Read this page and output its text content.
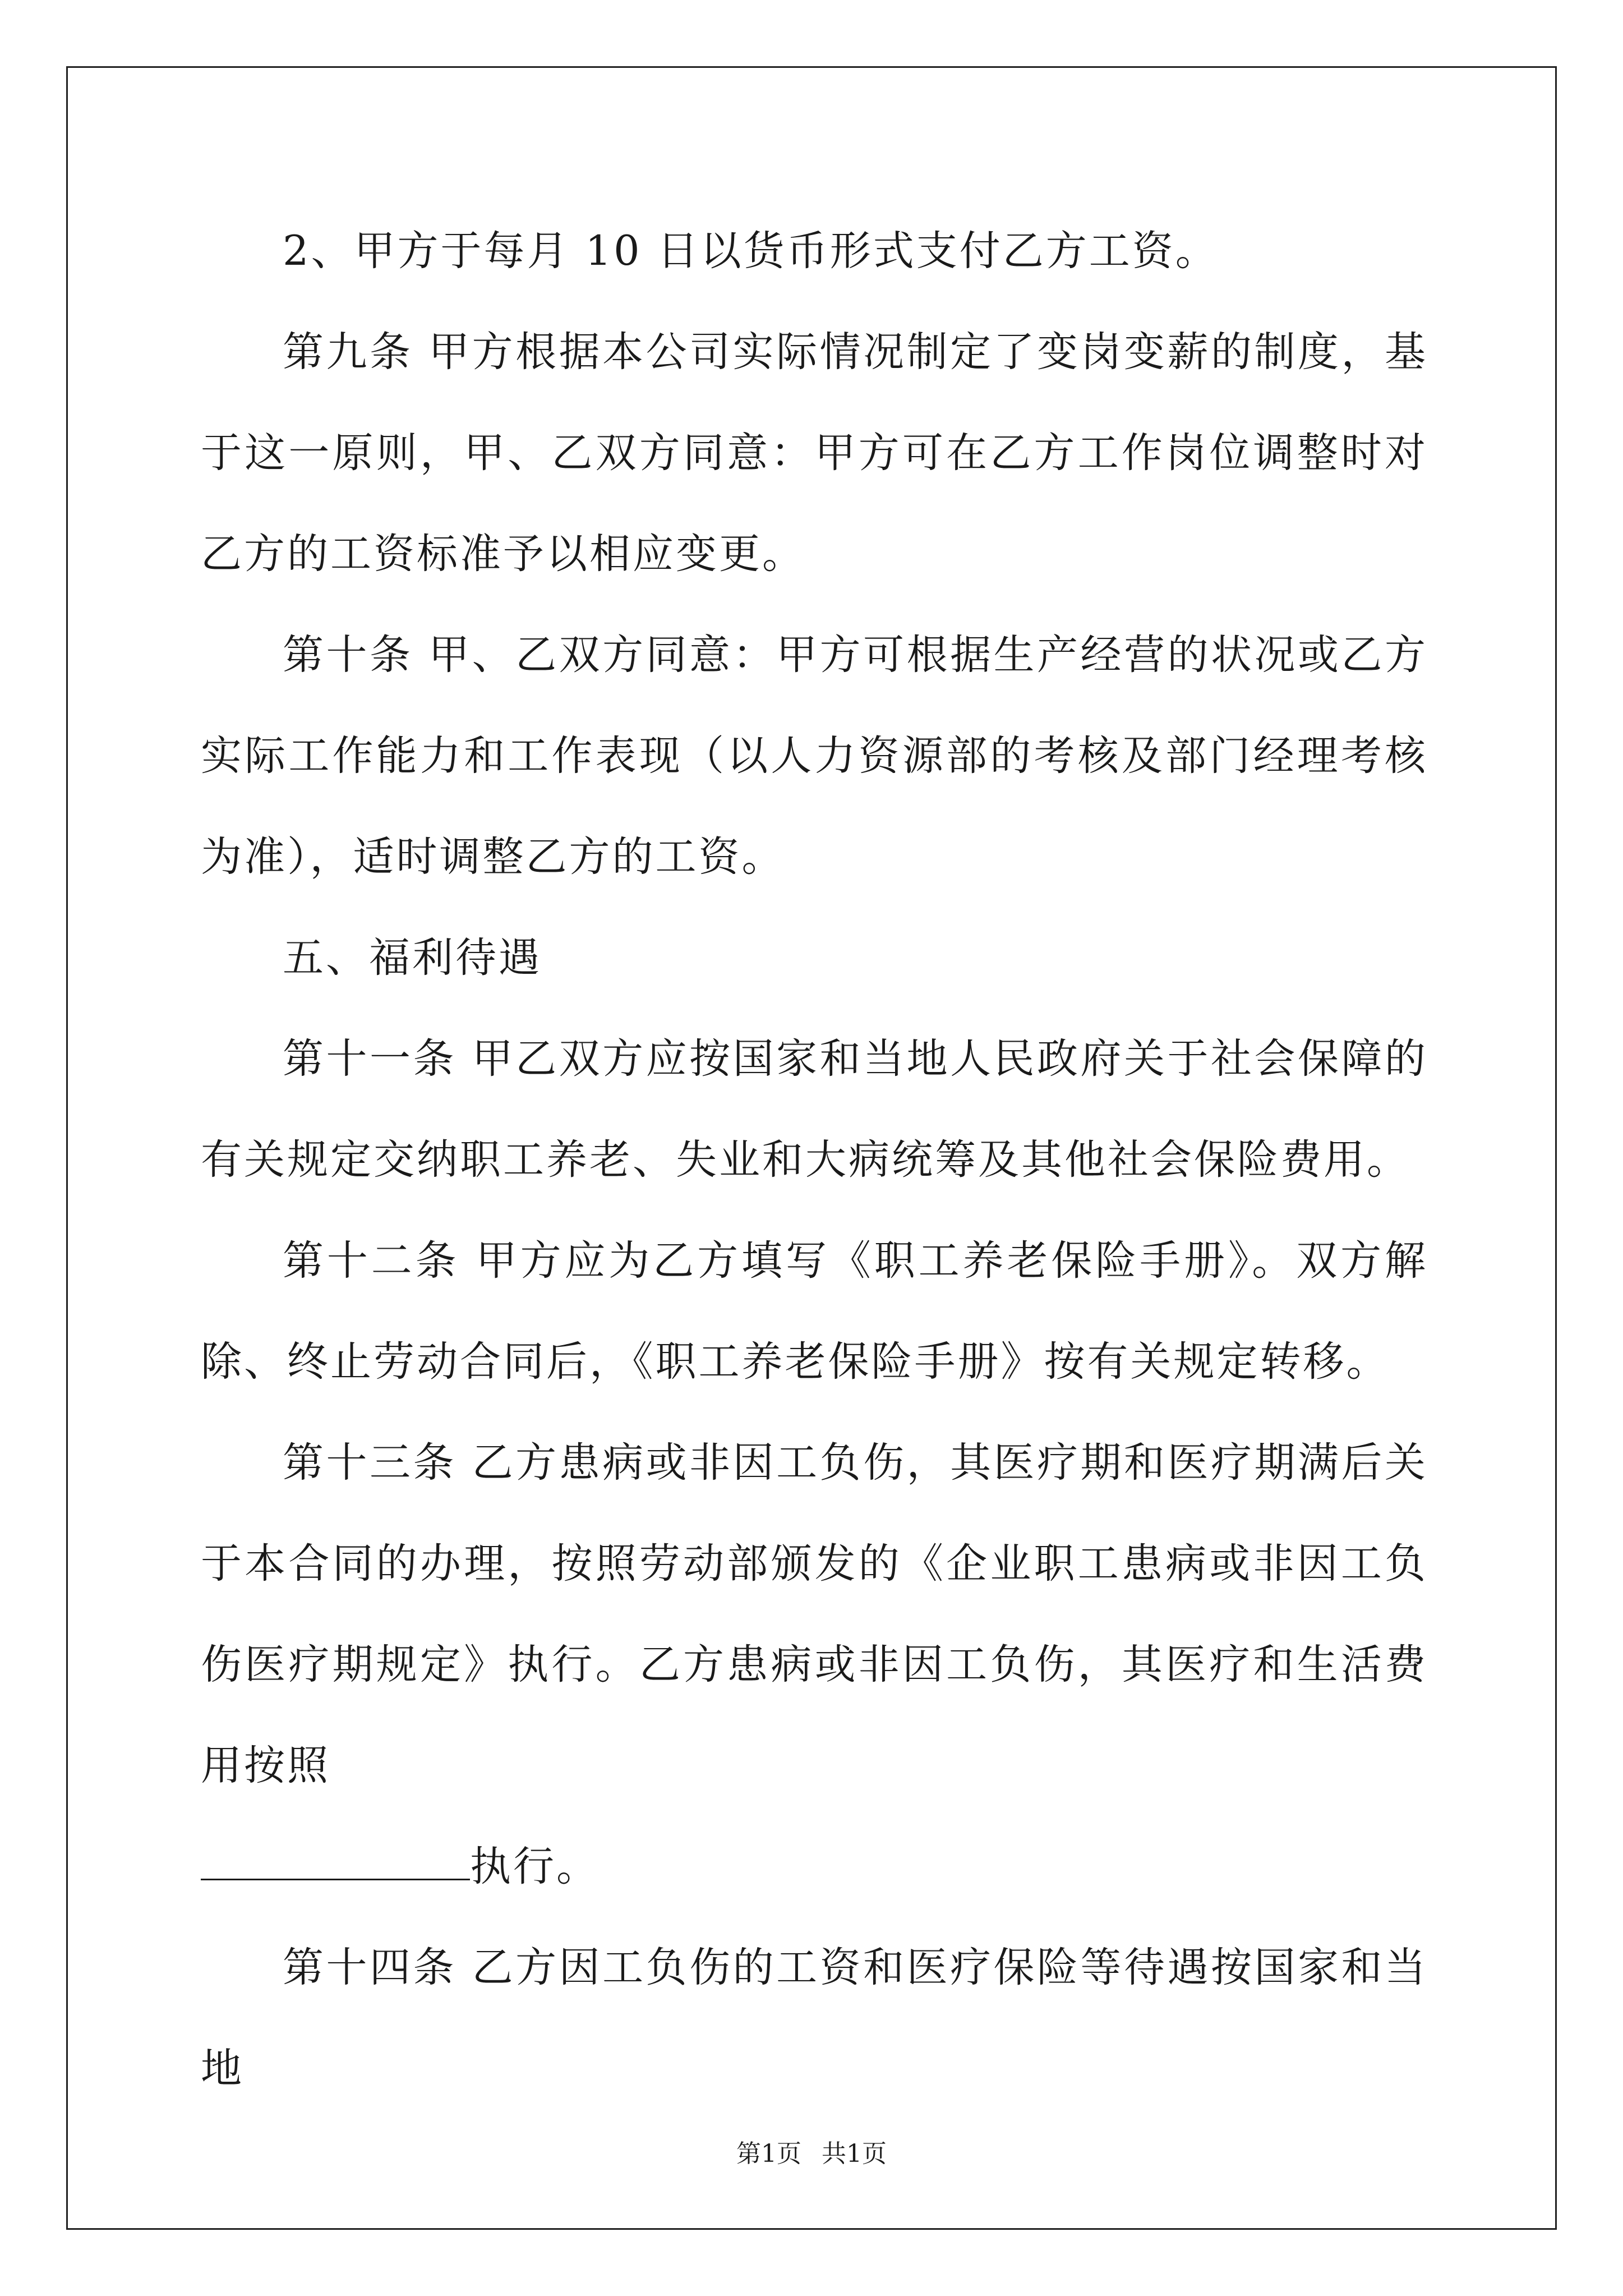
2、甲方于每月 10 日以货币形式支付乙方工资。

第九条 甲方根据本公司实际情况制定了变岗变薪的制度，基于这一原则，甲、乙双方同意：甲方可在乙方工作岗位调整时对乙方的工资标准予以相应变更。

第十条 甲、乙双方同意：甲方可根据生产经营的状况或乙方实际工作能力和工作表现（以人力资源部的考核及部门经理考核为准），适时调整乙方的工资。

五、福利待遇

第十一条 甲乙双方应按国家和当地人民政府关于社会保障的有关规定交纳职工养老、失业和大病统筹及其他社会保险费用。

第十二条 甲方应为乙方填写《职工养老保险手册》。双方解除、终止劳动合同后，《职工养老保险手册》按有关规定转移。

第十三条 乙方患病或非因工负伤，其医疗期和医疗期满后关于本合同的办理，按照劳动部颁发的《企业职工患病或非因工负伤医疗期规定》执行。乙方患病或非因工负伤，其医疗和生活费用按照

执行。

第十四条 乙方因工负伤的工资和医疗保险等待遇按国家和当地

第1页 共1页
